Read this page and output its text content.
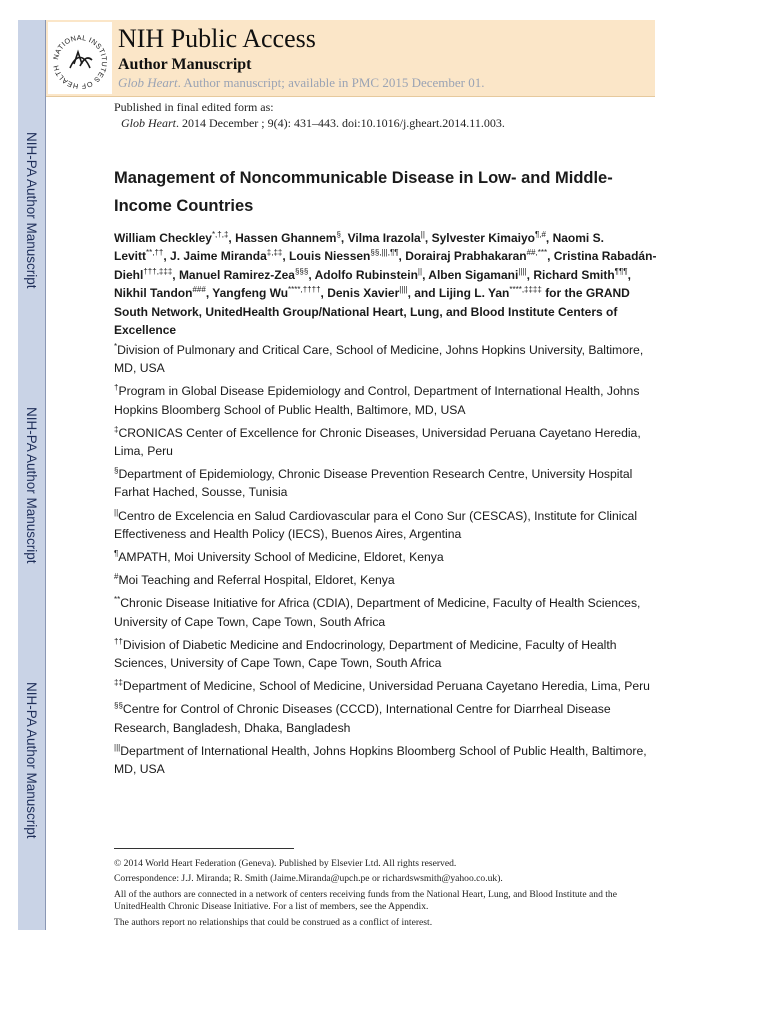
NIH-PA Author Manuscript
NIH-PA Author Manuscript
NIH-PA Author Manuscript
NATIONAL INSTITUTES OF HEALTH
NIH Public Access
Author Manuscript
Glob Heart. Author manuscript; available in PMC 2015 December 01.
Published in final edited form as:
Glob Heart. 2014 December ; 9(4): 431–443. doi:10.1016/j.gheart.2014.11.003.
Management of Noncommunicable Disease in Low- and Middle-Income Countries
William Checkley*,†,‡, Hassen Ghannem§, Vilma Irazola||, Sylvester Kimaiyo¶,#, Naomi S. Levitt**,††, J. Jaime Miranda‡,‡‡, Louis Niessen§§,|||,¶¶, Dorairaj Prabhakaran##,***, Cristina Rabadán-Diehl†††,‡‡‡, Manuel Ramirez-Zea§§§, Adolfo Rubinstein||, Alben Sigamani||||, Richard Smith¶¶¶, Nikhil Tandon###, Yangfeng Wu****,††††, Denis Xavier||||, and Lijing L. Yan****,‡‡‡‡ for the GRAND South Network, UnitedHealth Group/National Heart, Lung, and Blood Institute Centers of Excellence
*Division of Pulmonary and Critical Care, School of Medicine, Johns Hopkins University, Baltimore, MD, USA
†Program in Global Disease Epidemiology and Control, Department of International Health, Johns Hopkins Bloomberg School of Public Health, Baltimore, MD, USA
‡CRONICAS Center of Excellence for Chronic Diseases, Universidad Peruana Cayetano Heredia, Lima, Peru
§Department of Epidemiology, Chronic Disease Prevention Research Centre, University Hospital Farhat Hached, Sousse, Tunisia
||Centro de Excelencia en Salud Cardiovascular para el Cono Sur (CESCAS), Institute for Clinical Effectiveness and Health Policy (IECS), Buenos Aires, Argentina
¶AMPATH, Moi University School of Medicine, Eldoret, Kenya
#Moi Teaching and Referral Hospital, Eldoret, Kenya
**Chronic Disease Initiative for Africa (CDIA), Department of Medicine, Faculty of Health Sciences, University of Cape Town, Cape Town, South Africa
††Division of Diabetic Medicine and Endocrinology, Department of Medicine, Faculty of Health Sciences, University of Cape Town, Cape Town, South Africa
‡‡Department of Medicine, School of Medicine, Universidad Peruana Cayetano Heredia, Lima, Peru
§§Centre for Control of Chronic Diseases (CCCD), International Centre for Diarrheal Disease Research, Bangladesh, Dhaka, Bangladesh
|||Department of International Health, Johns Hopkins Bloomberg School of Public Health, Baltimore, MD, USA
© 2014 World Heart Federation (Geneva). Published by Elsevier Ltd. All rights reserved.
Correspondence: J.J. Miranda; R. Smith (Jaime.Miranda@upch.pe or richardswsmith@yahoo.co.uk).
All of the authors are connected in a network of centers receiving funds from the National Heart, Lung, and Blood Institute and the UnitedHealth Chronic Disease Initiative. For a list of members, see the Appendix.
The authors report no relationships that could be construed as a conflict of interest.
